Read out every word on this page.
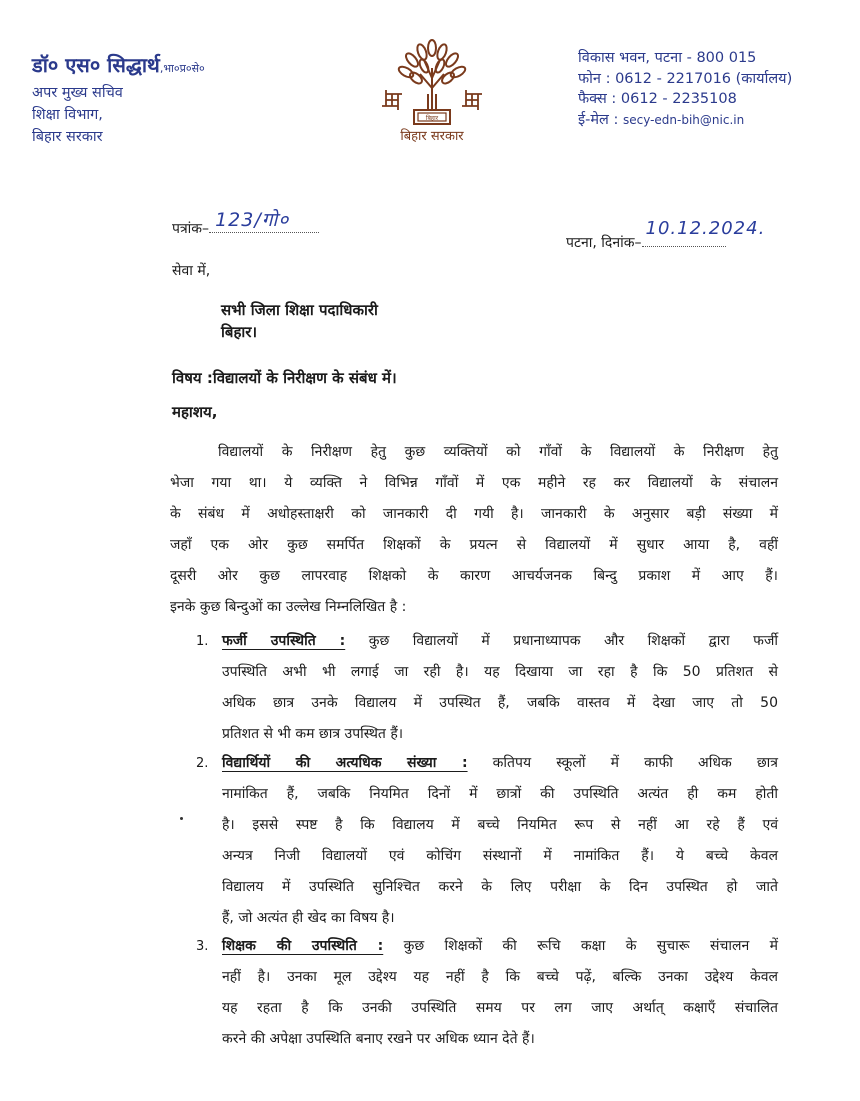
डॉ० एस० सिद्धार्थ,भा०प्र०से०
अपर मुख्य सचिव
शिक्षा विभाग,
बिहार सरकार
बिहार
बिहार सरकार
विकास भवन, पटना - 800 015
फोन : 0612 - 2217016 (कार्यालय)
फैक्स : 0612 - 2235108
ई-मेल : secy-edn-bih@nic.in
पत्रांक– 123/गो०
पटना, दिनांक–
10.12.2024.
सेवा में,
सभी जिला शिक्षा पदाधिकारी
बिहार।
विषय :विद्यालयों के निरीक्षण के संबंध में।
महाशय,
विद्यालयों के निरीक्षण हेतु कुछ व्यक्तियों को गाँवों के विद्यालयों के निरीक्षण हेतु
भेजा गया था। ये व्यक्ति ने विभिन्न गाँवों में एक महीने रह कर विद्यालयों के संचालन
के संबंध में अधोहस्ताक्षरी को जानकारी दी गयी है। जानकारी के अनुसार बड़ी संख्या में
जहाँ एक ओर कुछ समर्पित शिक्षकों के प्रयत्न से विद्यालयों में सुधार आया है, वहीं
दूसरी ओर कुछ लापरवाह शिक्षको के कारण आचर्यजनक बिन्दु प्रकाश में आए हैं।
इनके कुछ बिन्दुओं का उल्लेख निम्नलिखित है :
1. फर्जी उपस्थिति : कुछ विद्यालयों में प्रधानाध्यापक और शिक्षकों द्वारा फर्जी
उपस्थिति अभी भी लगाई जा रही है। यह दिखाया जा रहा है कि 50 प्रतिशत से
अधिक छात्र उनके विद्यालय में उपस्थित हैं, जबकि वास्तव में देखा जाए तो 50
प्रतिशत से भी कम छात्र उपस्थित हैं।
2. विद्यार्थियों की अत्यधिक संख्या : कतिपय स्कूलों में काफी अधिक छात्र
नामांकित हैं, जबकि नियमित दिनों में छात्रों की उपस्थिति अत्यंत ही कम होती
है। इससे स्पष्ट है कि विद्यालय में बच्चे नियमित रूप से नहीं आ रहे हैं एवं
अन्यत्र निजी विद्यालयों एवं कोचिंग संस्थानों में नामांकित हैं। ये बच्चे केवल
विद्यालय में उपस्थिति सुनिश्चित करने के लिए परीक्षा के दिन उपस्थित हो जाते
हैं, जो अत्यंत ही खेद का विषय है।
3. शिक्षक की उपस्थिति : कुछ शिक्षकों की रूचि कक्षा के सुचारू संचालन में
नहीं है। उनका मूल उद्देश्य यह नहीं है कि बच्चे पढ़ें, बल्कि उनका उद्देश्य केवल
यह रहता है कि उनकी उपस्थिति समय पर लग जाए अर्थात् कक्षाएँ संचालित
करने की अपेक्षा उपस्थिति बनाए रखने पर अधिक ध्यान देते हैं।
